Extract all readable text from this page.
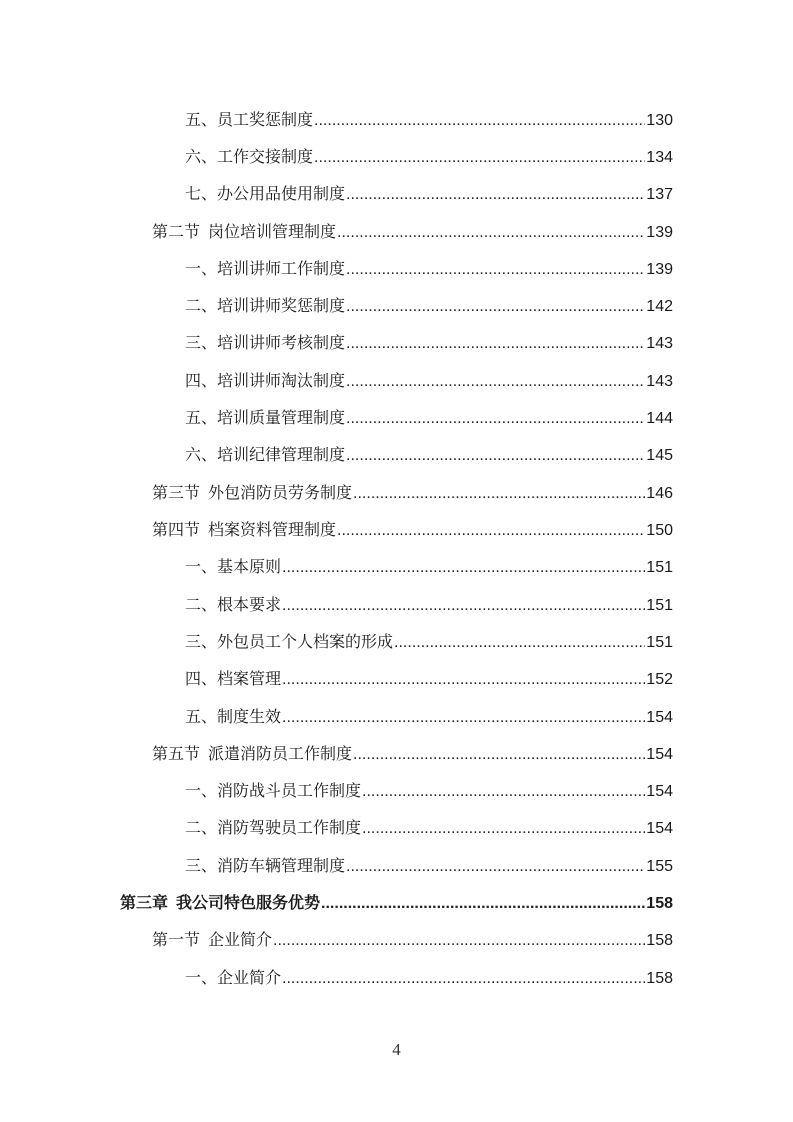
五、员工奖惩制度 .....	130
六、工作交接制度 .....	134
七、办公用品使用制度 .....	137
第二节 岗位培训管理制度 .....	139
一、培训讲师工作制度 .....	139
二、培训讲师奖惩制度 .....	142
三、培训讲师考核制度 .....	143
四、培训讲师淘汰制度 .....	143
五、培训质量管理制度 .....	144
六、培训纪律管理制度 .....	145
第三节 外包消防员劳务制度 .....	146
第四节 档案资料管理制度 .....	150
一、基本原则 .....	151
二、根本要求 .....	151
三、外包员工个人档案的形成 .....	151
四、档案管理 .....	152
五、制度生效 .....	154
第五节 派遣消防员工作制度 .....	154
一、消防战斗员工作制度 .....	154
二、消防驾驶员工作制度 .....	154
三、消防车辆管理制度 .....	155
第三章 我公司特色服务优势 .....	158
第一节 企业简介 .....	158
一、企业简介 .....	158
4
